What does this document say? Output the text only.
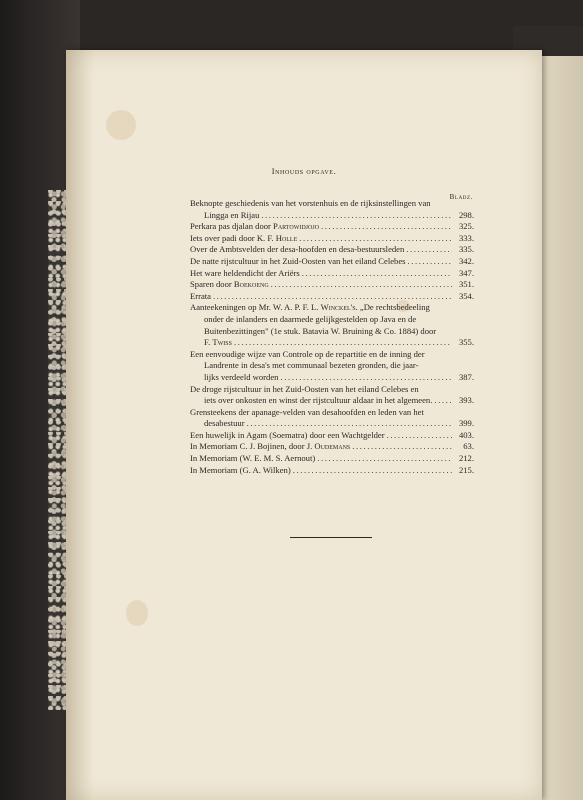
Inhouds opgave.
Bladz.
Beknopte geschiedenis van het vorstenhuis en de rijksinstellingen van
Lingga en Rijau .....	298.
Perkara pas djalan door Partowidjojo .....	325.
Iets over padi door K. F. Holle .....	333.
Over de Ambtsvelden der desa-hoofden en desa-bestuursleden .....	335.
De natte rijstcultuur in het Zuid-Oosten van het eiland Celebes .....	342.
Het ware heldendicht der Ariërs .....	347.
Sparen door Boekoeng .....	351.
Errata .....	354.
Aanteekeningen op Mr. W. A. P. F. L. Winckel's. „De rechtsbedeeling
onder de inlanders en daarmede gelijkgestelden op Java en de
Buitenbezittingen" (1e stuk. Batavia W. Bruining & Co. 1884) door
F. Twiss .....	355.
Een eenvoudige wijze van Controle op de repartitie en de inning der
Landrente in desa's met communaal bezeten gronden, die jaar-
lijks verdeeld worden .....	387.
De droge rijstcultuur in het Zuid-Oosten van het eiland Celebes en
iets over onkosten en winst der rijstcultuur aldaar in het algemeen. .....	393.
Grensteekens der apanage-velden van desahoofden en leden van het
desabestuur .....	399.
Een huwelijk in Agam (Soematra) door een Wachtgelder .....	403.
In Memoriam C. J. Bojinen, door J. Oudemans .....	63.
In Memoriam (W. E. M. S. Aernout) .....	212.
In Memoriam (G. A. Wilken) .....	215.
